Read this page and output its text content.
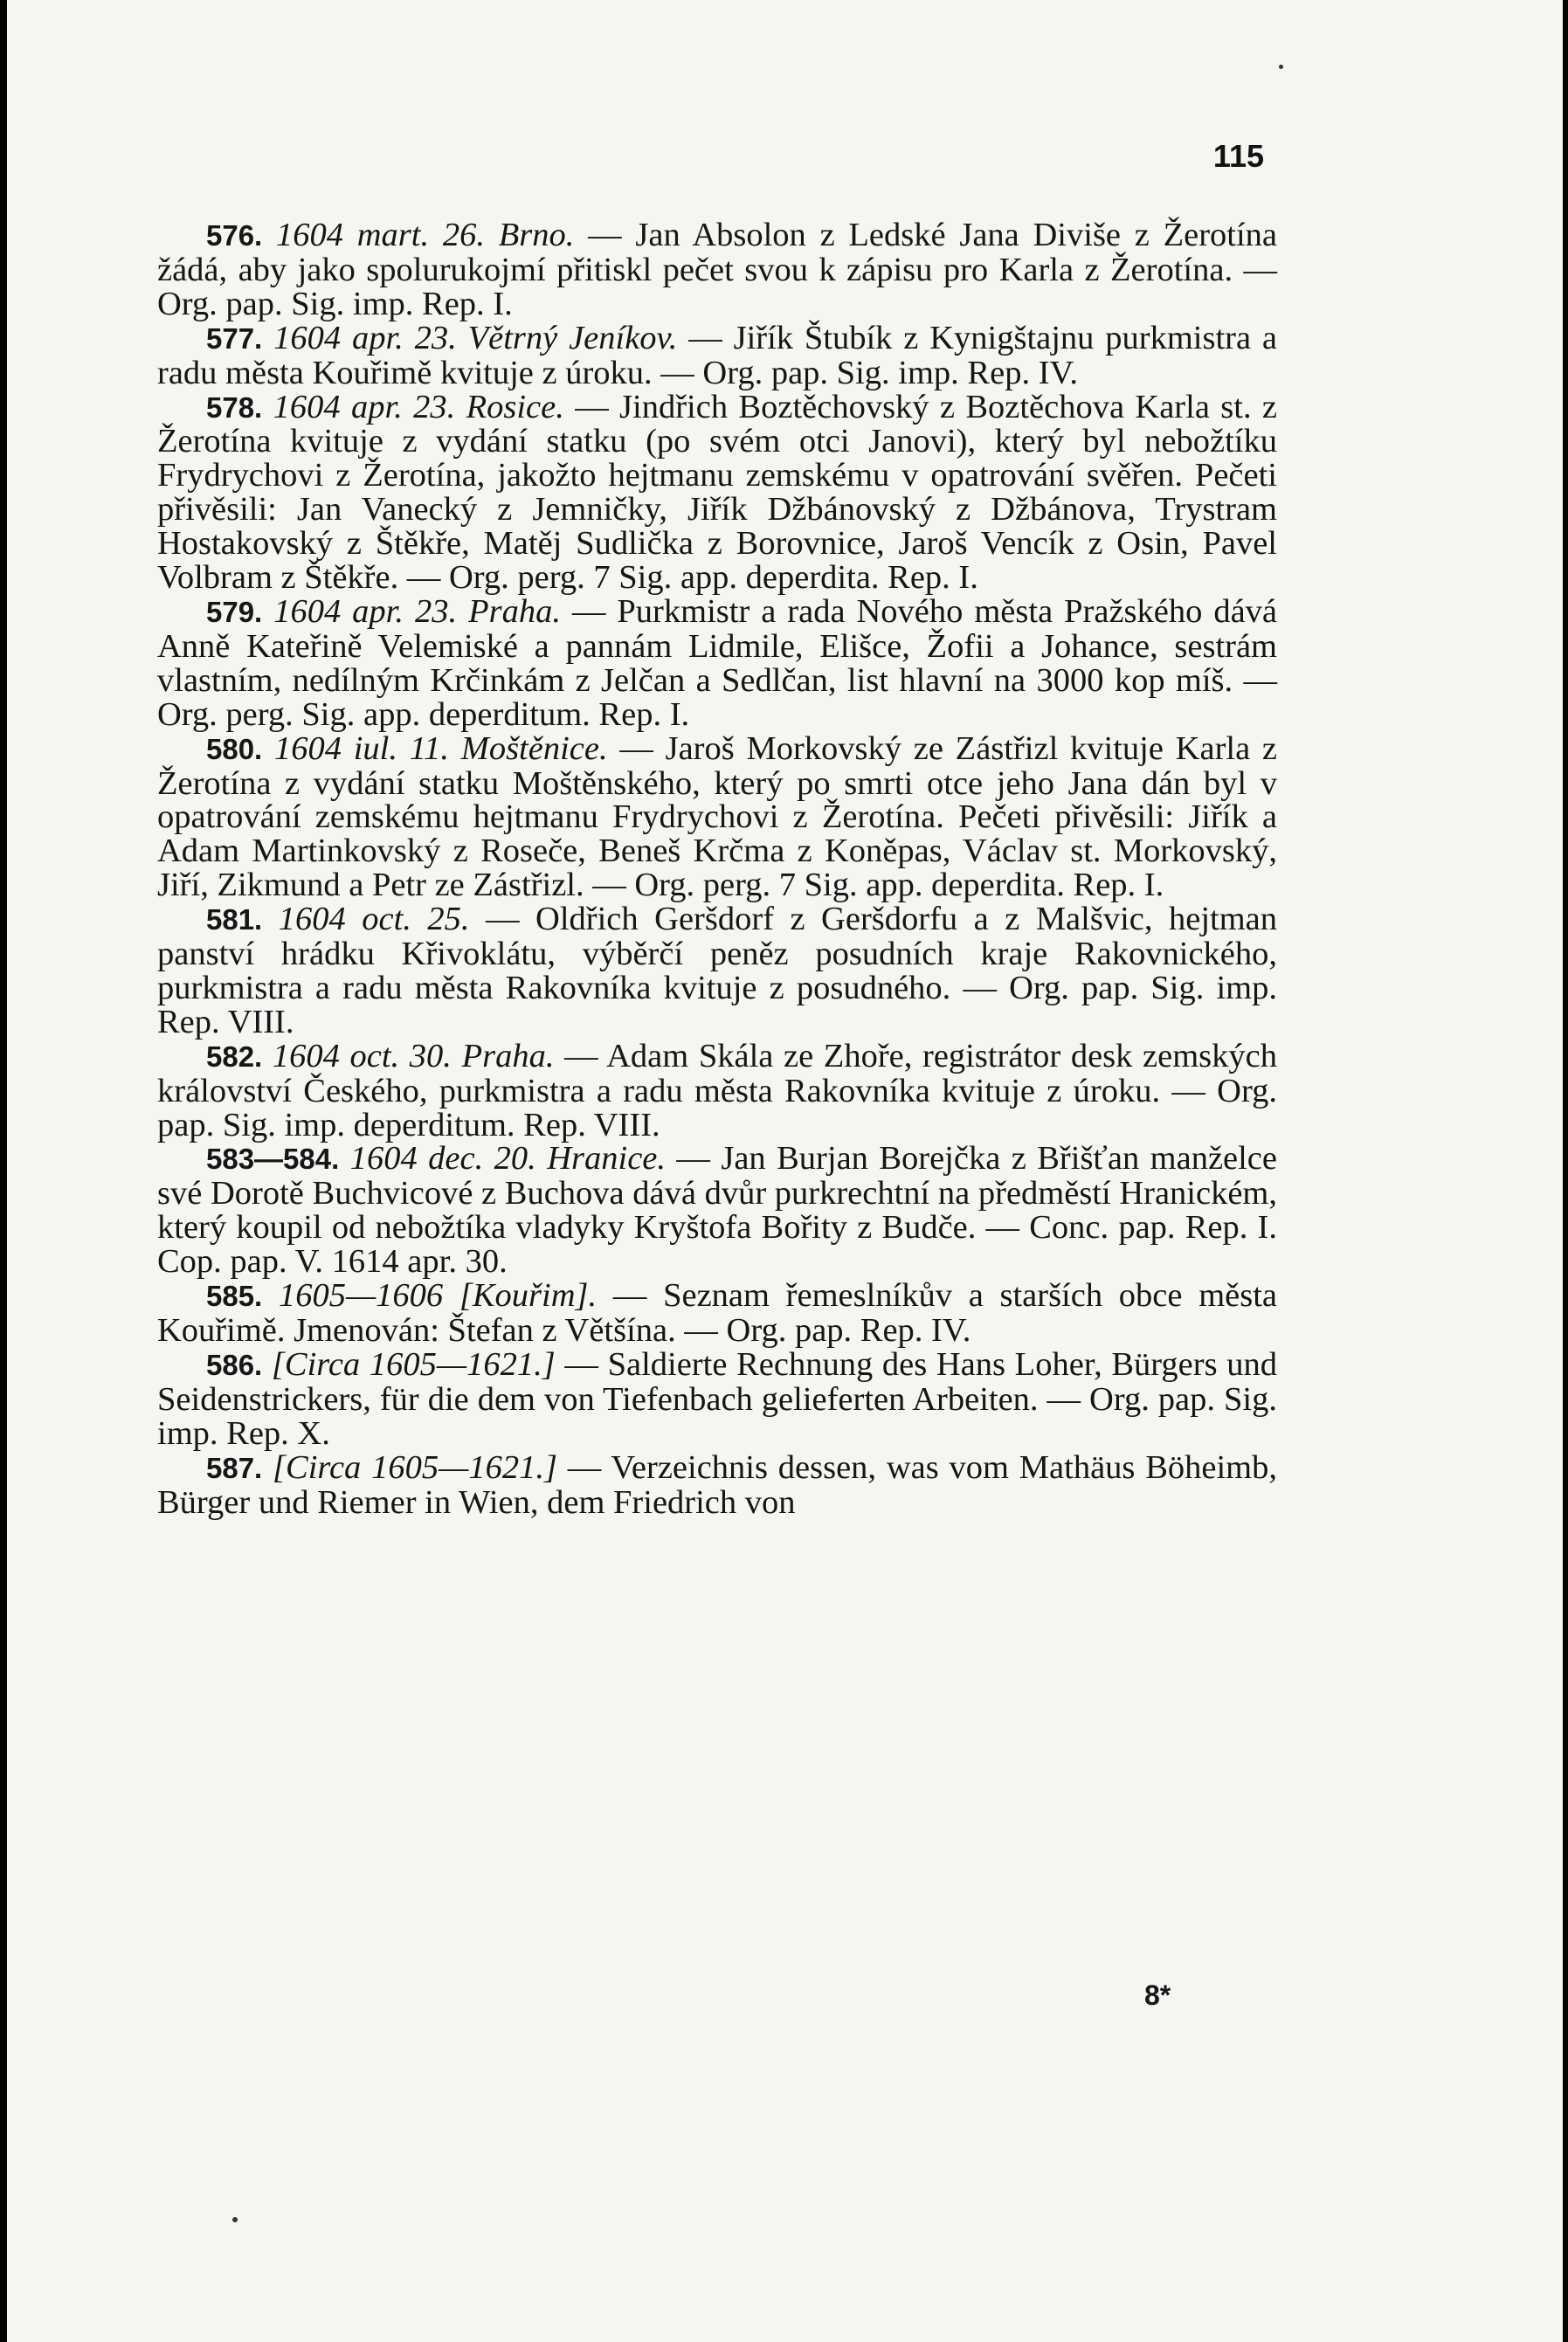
115

576. 1604 mart. 26. Brno. — Jan Absolon z Ledské Jana Diviše z Žerotína žádá, aby jako spolurukojmí přitiskl pečet svou k zápisu pro Karla z Žerotína. — Org. pap. Sig. imp. Rep. I.

577. 1604 apr. 23. Větrný Jeníkov. — Jiřík Štubík z Kynigštajnu purkmistra a radu města Kouřimě kvituje z úroku. — Org. pap. Sig. imp. Rep. IV.

578. 1604 apr. 23. Rosice. — Jindřich Boztěchovský z Boztěchova Karla st. z Žerotína kvituje z vydání statku (po svém otci Janovi), který byl nebožtíku Frydrychovi z Žerotína, jakožto hejtmanu zemskému v opatrování svěřen. Pečeti přivěsili: Jan Vanecký z Jemničky, Jiřík Džbánovský z Džbánova, Trystram Hostakovský z Štěkře, Matěj Sudlička z Borovnice, Jaroš Vencík z Osin, Pavel Volbram z Štěkře. — Org. perg. 7 Sig. app. deperdita. Rep. I.

579. 1604 apr. 23. Praha. — Purkmistr a rada Nového města Pražského dává Anně Kateřině Velemiské a pannám Lidmile, Elišce, Žofii a Johance, sestrám vlastním, nedílným Krčinkám z Jelčan a Sedlčan, list hlavní na 3000 kop míš. — Org. perg. Sig. app. deperditum. Rep. I.

580. 1604 iul. 11. Moštěnice. — Jaroš Morkovský ze Zástřizl kvituje Karla z Žerotína z vydání statku Moštěnského, který po smrti otce jeho Jana dán byl v opatrování zemskému hejtmanu Frydrychovi z Žerotína. Pečeti přivěsili: Jiřík a Adam Martinkovský z Roseče, Beneš Krčma z Koněpas, Václav st. Morkovský, Jiří, Zikmund a Petr ze Zástřizl. — Org. perg. 7 Sig. app. deperdita. Rep. I.

581. 1604 oct. 25. — Oldřich Geršdorf z Geršdorfu a z Malšvic, hejtman panství hrádku Křivoklátu, výběrčí peněz posudních kraje Rakovnického, purkmistra a radu města Rakovníka kvituje z posudného. — Org. pap. Sig. imp. Rep. VIII.

582. 1604 oct. 30. Praha. — Adam Skála ze Zhoře, registrátor desk zemských království Českého, purkmistra a radu města Rakovníka kvituje z úroku. — Org. pap. Sig. imp. deperditum. Rep. VIII.

583—584. 1604 dec. 20. Hranice. — Jan Burjan Borejčka z Břišťan manželce své Dorotě Buchvicové z Buchova dává dvůr purkrechtní na předměstí Hranickém, který koupil od nebožtíka vladyky Kryštofa Bořity z Budče. — Conc. pap. Rep. I. Cop. pap. V. 1614 apr. 30.

585. 1605—1606 [Kouřim]. — Seznam řemeslníkův a starších obce města Kouřimě. Jmenován: Štefan z Většína. — Org. pap. Rep. IV.

586. [Circa 1605—1621.] — Saldierte Rechnung des Hans Loher, Bürgers und Seidenstrickers, für die dem von Tiefenbach gelieferten Arbeiten. — Org. pap. Sig. imp. Rep. X.

587. [Circa 1605—1621.] — Verzeichnis dessen, was vom Mathäus Böheimb, Bürger und Riemer in Wien, dem Friedrich von

8*
